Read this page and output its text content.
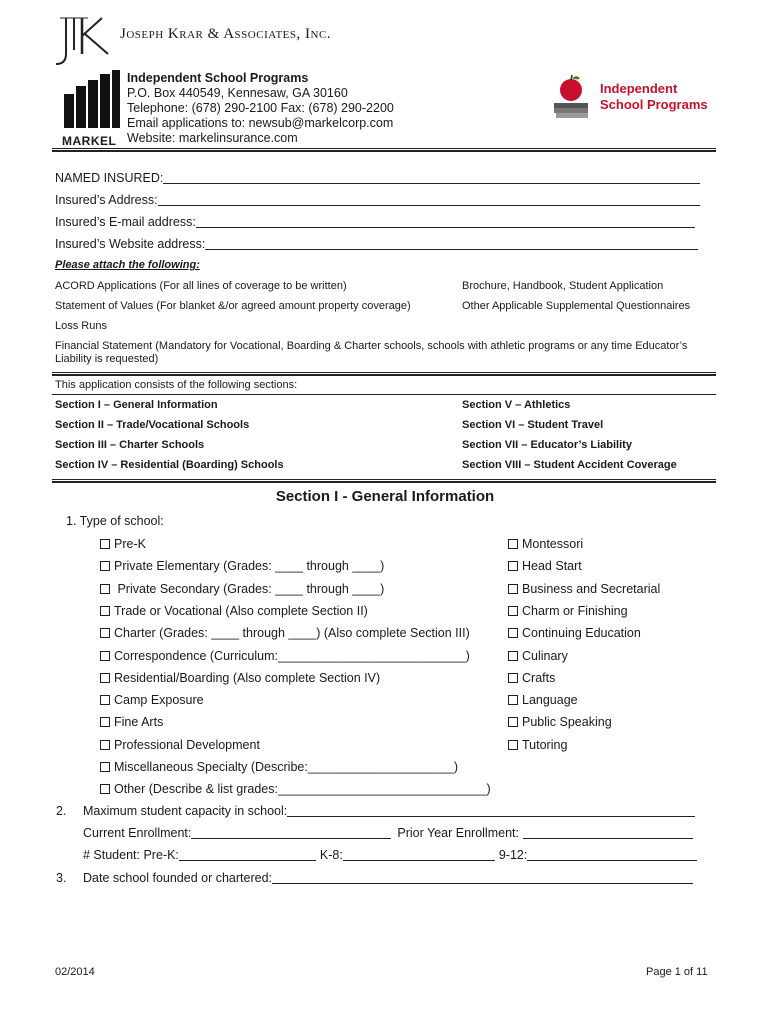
Joseph Krar & Associates, Inc.
MARKEL
Independent School Programs
P.O. Box 440549, Kennesaw, GA 30160
Telephone: (678) 290-2100 Fax: (678) 290-2200
Email applications to: newsub@markelcorp.com
Website: markelinsurance.com
Independent
School Programs
NAMED INSURED:
Insured’s Address:
Insured’s E-mail address:
Insured’s Website address:
Please attach the following:
ACORD Applications (For all lines of coverage to be written)	Brochure, Handbook, Student Application
Statement of Values (For blanket &/or agreed amount property coverage)	Other Applicable Supplemental Questionnaires
Loss Runs
Financial Statement (Mandatory for Vocational, Boarding & Charter schools, schools with athletic programs or any time Educator’s Liability is requested)
This application consists of the following sections:
Section I – General Information	Section V – Athletics
Section II – Trade/Vocational Schools	Section VI – Student Travel
Section III – Charter Schools	Section VII – Educator’s Liability
Section IV – Residential (Boarding) Schools	Section VIII – Student Accident Coverage
Section I - General Information
1. Type of school:
Pre-K
Private Elementary (Grades: ____ through ____)
Private Secondary (Grades: ____ through ____)
Trade or Vocational (Also complete Section II)
Charter (Grades: ____ through ____) (Also complete Section III)
Correspondence (Curriculum:___________________________)
Residential/Boarding (Also complete Section IV)
Camp Exposure
Fine Arts
Professional Development
Miscellaneous Specialty (Describe:_____________________)
Other (Describe & list grades:______________________________)
Montessori
Head Start
Business and Secretarial
Charm or Finishing
Continuing Education
Culinary
Crafts
Language
Public Speaking
Tutoring
2. Maximum student capacity in school:
Current Enrollment:	Prior Year Enrollment:
# Student: Pre-K:	K-8:	9-12:
3. Date school founded or chartered:
02/2014	Page 1 of 11
